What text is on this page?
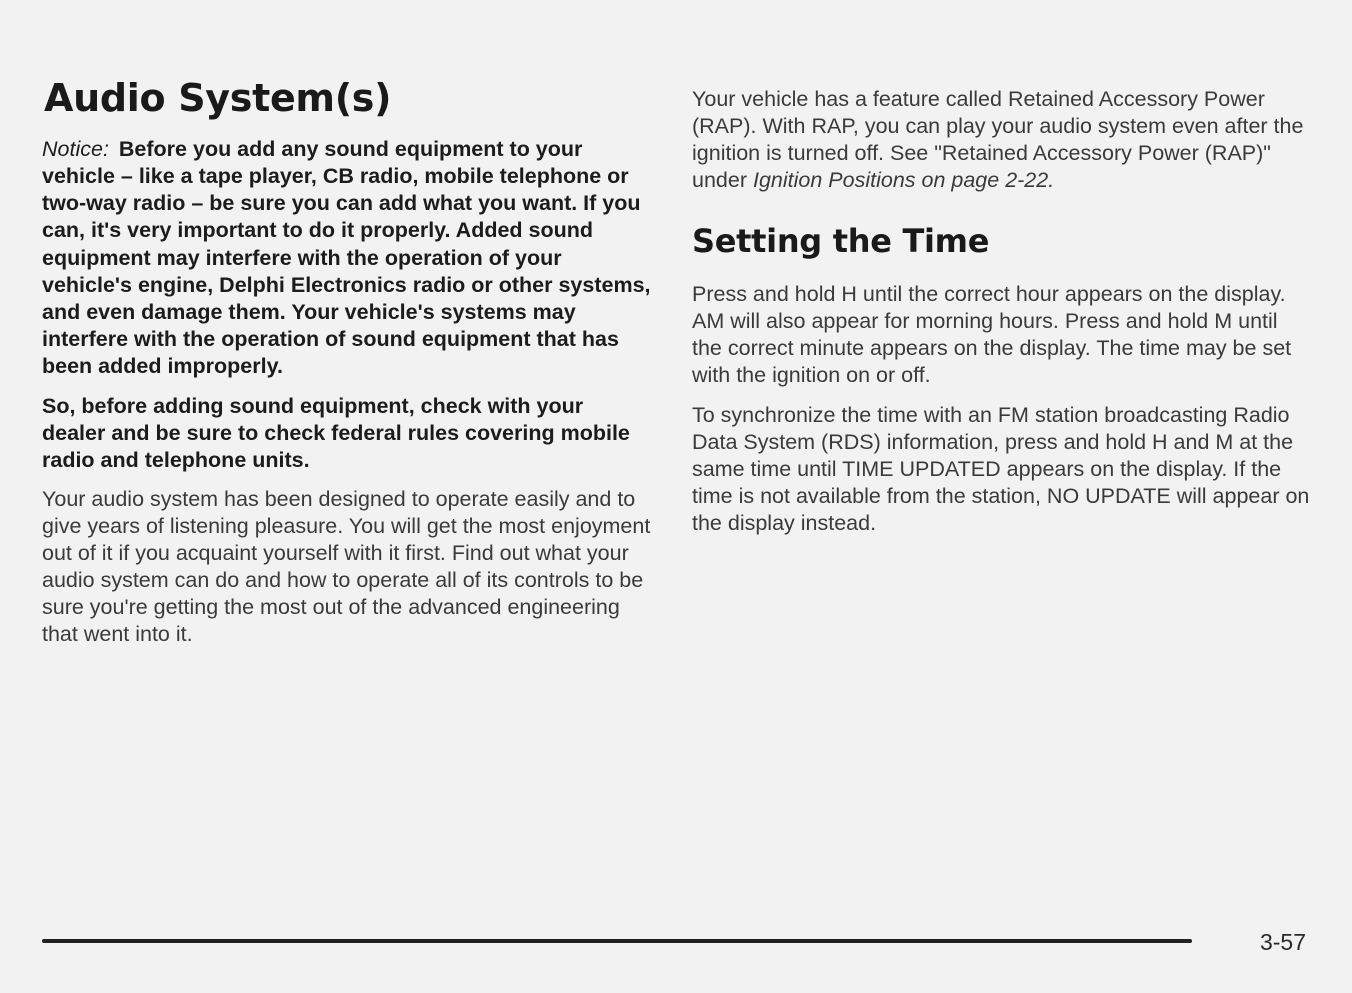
Audio System(s)

Notice: Before you add any sound equipment to your vehicle – like a tape player, CB radio, mobile telephone or two-way radio – be sure you can add what you want. If you can, it's very important to do it properly. Added sound equipment may interfere with the operation of your vehicle's engine, Delphi Electronics radio or other systems, and even damage them. Your vehicle's systems may interfere with the operation of sound equipment that has been added improperly.

So, before adding sound equipment, check with your dealer and be sure to check federal rules covering mobile radio and telephone units.

Your audio system has been designed to operate easily and to give years of listening pleasure. You will get the most enjoyment out of it if you acquaint yourself with it first. Find out what your audio system can do and how to operate all of its controls to be sure you're getting the most out of the advanced engineering that went into it.

Your vehicle has a feature called Retained Accessory Power (RAP). With RAP, you can play your audio system even after the ignition is turned off. See "Retained Accessory Power (RAP)" under Ignition Positions on page 2-22.

Setting the Time

Press and hold H until the correct hour appears on the display. AM will also appear for morning hours. Press and hold M until the correct minute appears on the display. The time may be set with the ignition on or off.

To synchronize the time with an FM station broadcasting Radio Data System (RDS) information, press and hold H and M at the same time until TIME UPDATED appears on the display. If the time is not available from the station, NO UPDATE will appear on the display instead.

3-57
